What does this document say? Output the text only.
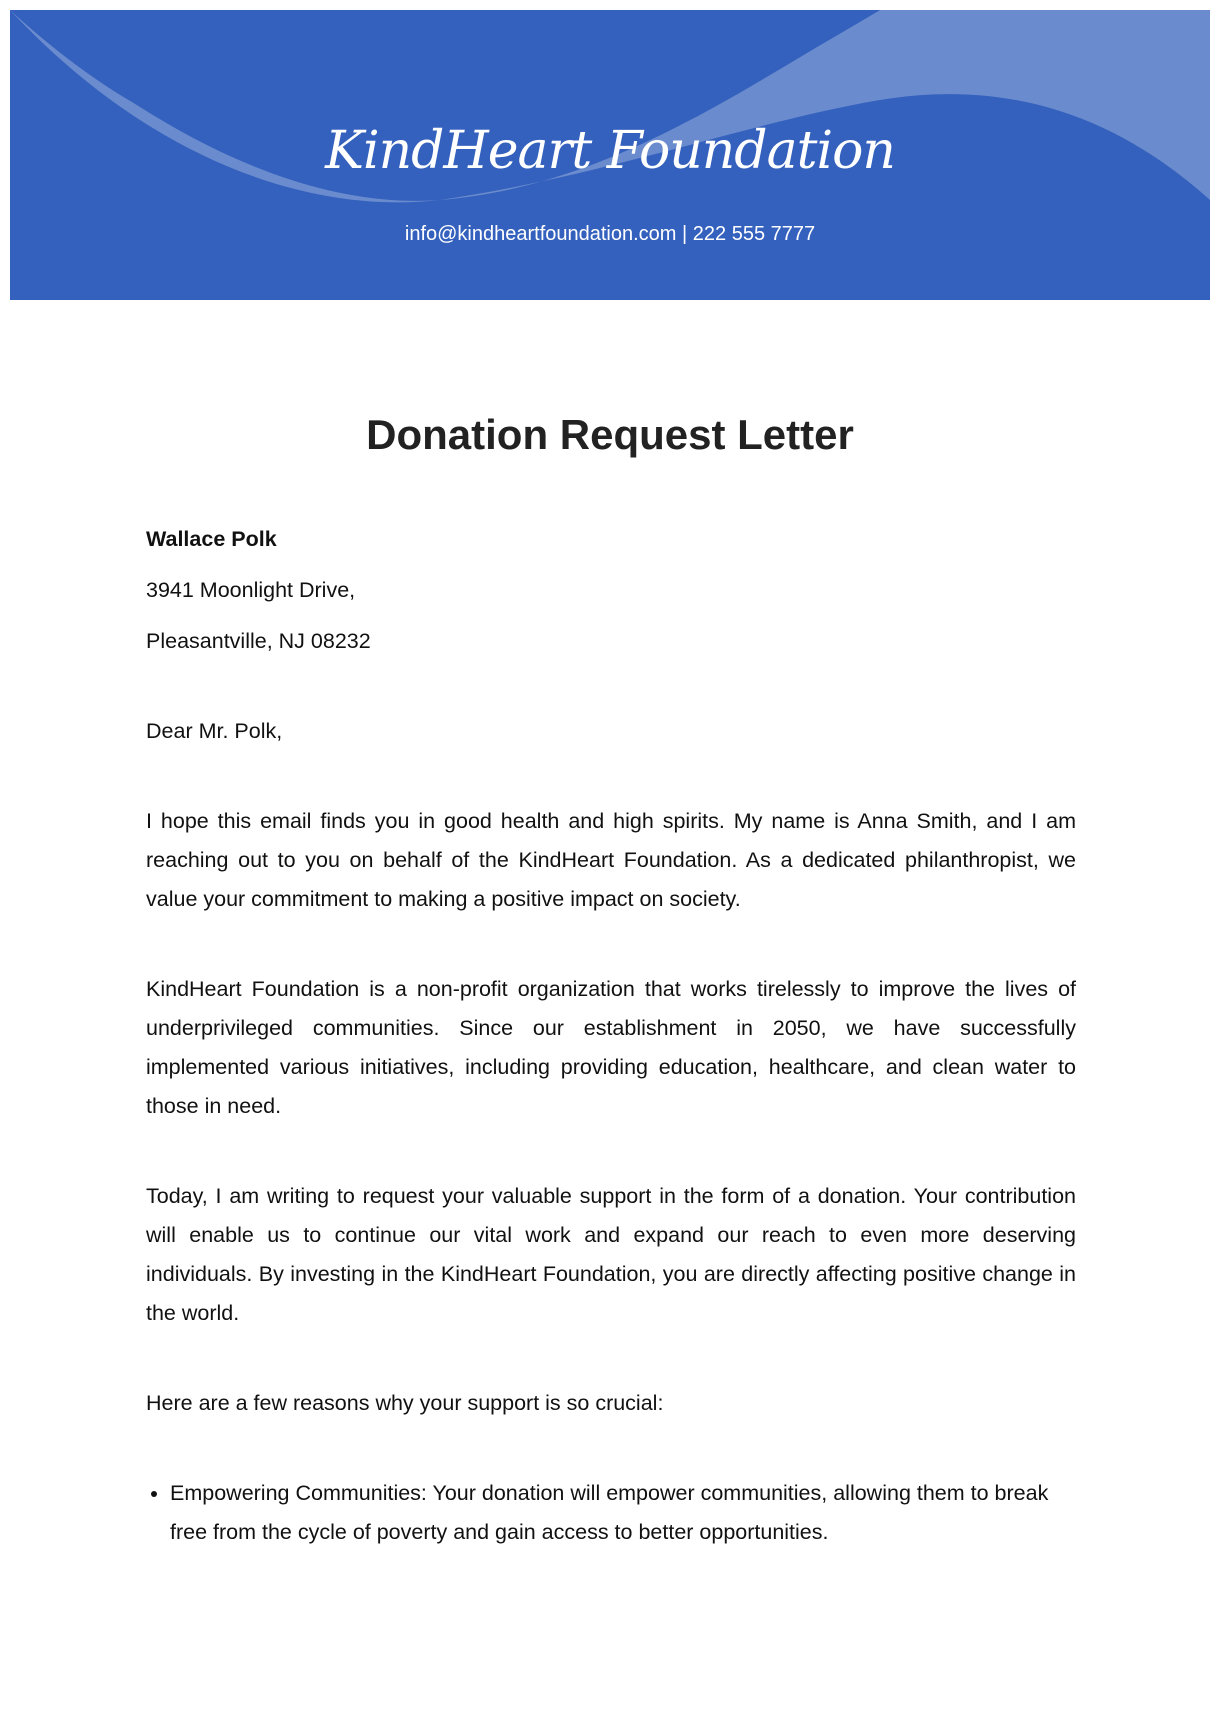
KindHeart Foundation
info@kindheartfoundation.com | 222 555 7777
Donation Request Letter

Wallace Polk

3941 Moonlight Drive,

Pleasantville, NJ 08232

Dear Mr. Polk,

I hope this email finds you in good health and high spirits. My name is Anna Smith, and I am reaching out to you on behalf of the KindHeart Foundation. As a dedicated philanthropist, we value your commitment to making a positive impact on society.

KindHeart Foundation is a non-profit organization that works tirelessly to improve the lives of underprivileged communities. Since our establishment in 2050, we have successfully implemented various initiatives, including providing education, healthcare, and clean water to those in need.

Today, I am writing to request your valuable support in the form of a donation. Your contribution will enable us to continue our vital work and expand our reach to even more deserving individuals. By investing in the KindHeart Foundation, you are directly affecting positive change in the world.

Here are a few reasons why your support is so crucial:

• Empowering Communities: Your donation will empower communities, allowing them to break free from the cycle of poverty and gain access to better opportunities.
